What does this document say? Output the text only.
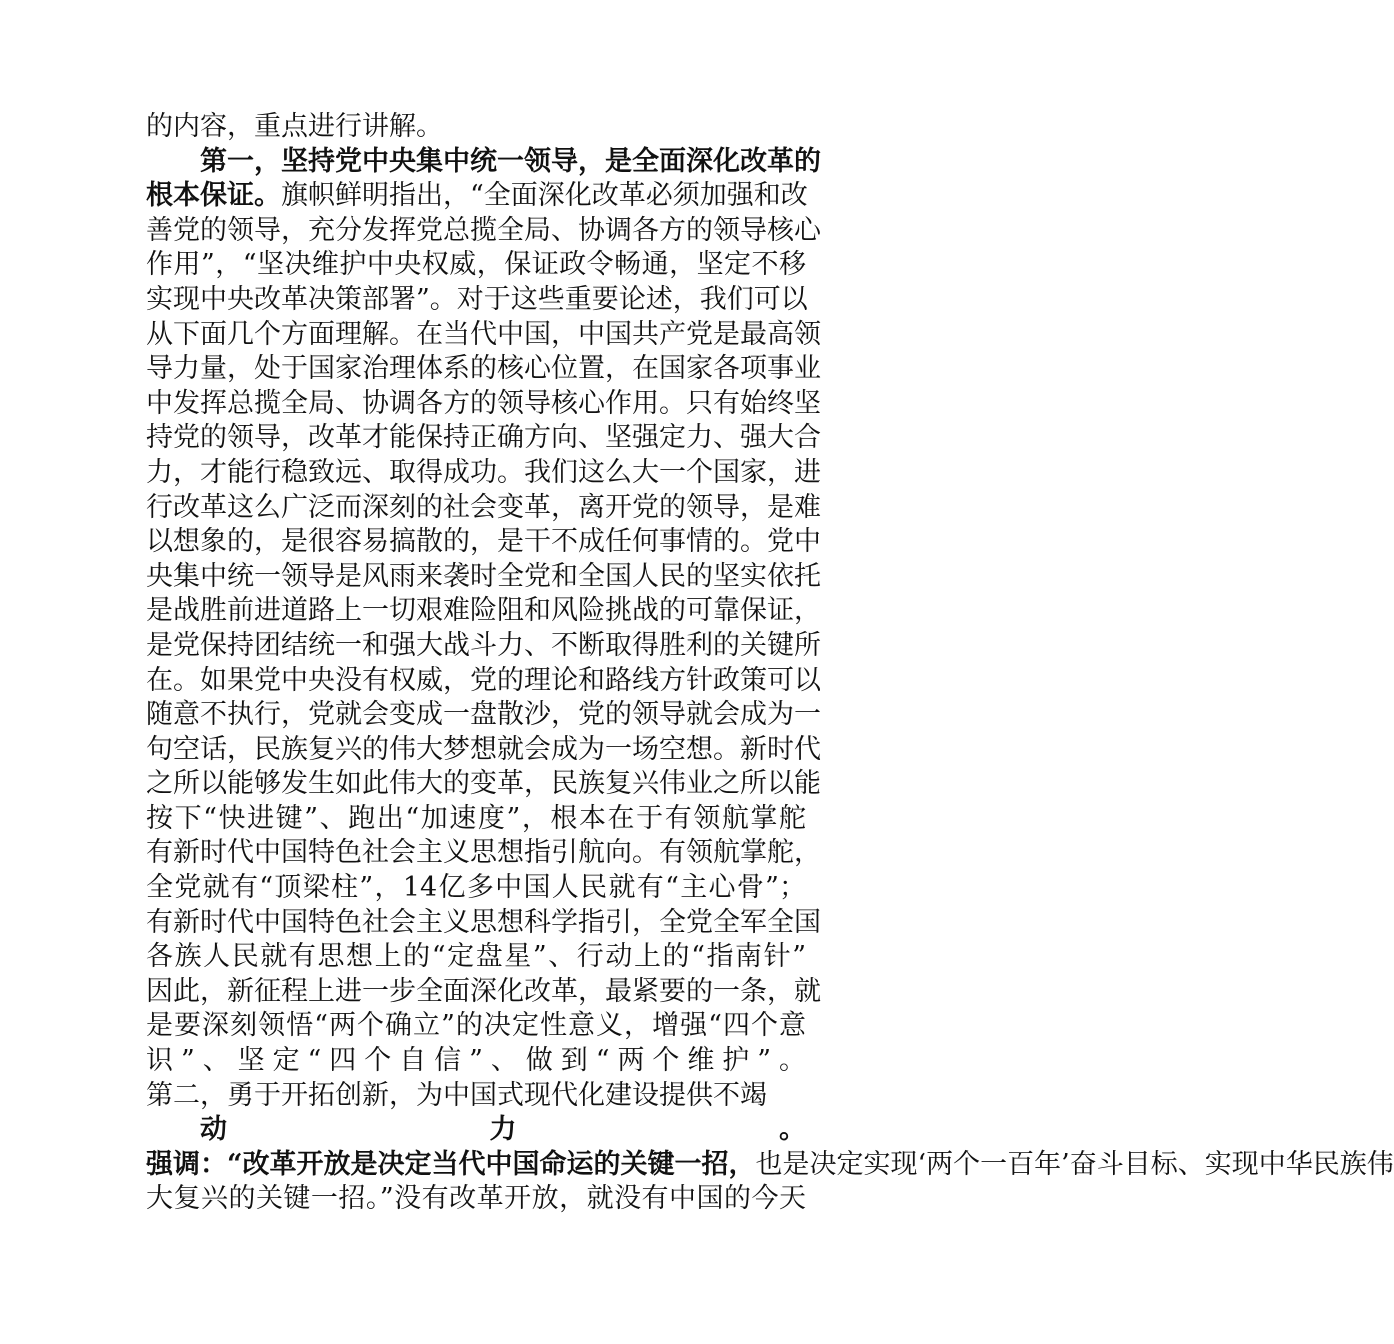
的内容，重点进行讲解。
第一，坚持党中央集中统一领导，是全面深化改革的
根本保证。旗帜鲜明指出，“全面深化改革必须加强和改
善党的领导，充分发挥党总揽全局、协调各方的领导核心
作用”，“坚决维护中央权威，保证政令畅通，坚定不移
实现中央改革决策部署”。对于这些重要论述，我们可以
从下面几个方面理解。在当代中国，中国共产党是最高领
导力量，处于国家治理体系的核心位置，在国家各项事业
中发挥总揽全局、协调各方的领导核心作用。只有始终坚
持党的领导，改革才能保持正确方向、坚强定力、强大合
力，才能行稳致远、取得成功。我们这么大一个国家，进
行改革这么广泛而深刻的社会变革，离开党的领导，是难
以想象的，是很容易搞散的，是干不成任何事情的。党中
央集中统一领导是风雨来袭时全党和全国人民的坚实依托
是战胜前进道路上一切艰难险阻和风险挑战的可靠保证，
是党保持团结统一和强大战斗力、不断取得胜利的关键所
在。如果党中央没有权威，党的理论和路线方针政策可以
随意不执行，党就会变成一盘散沙，党的领导就会成为一
句空话，民族复兴的伟大梦想就会成为一场空想。新时代
之所以能够发生如此伟大的变革，民族复兴伟业之所以能
按下“快进键”、跑出“加速度”，根本在于有领航掌舵
有新时代中国特色社会主义思想指引航向。有领航掌舵，
全党就有“顶梁柱”，14亿多中国人民就有“主心骨”；
有新时代中国特色社会主义思想科学指引，全党全军全国
各族人民就有思想上的“定盘星”、行动上的“指南针”
因此，新征程上进一步全面深化改革，最紧要的一条，就
是要深刻领悟“两个确立”的决定性意义，增强“四个意
识”、坚定“四个自信”、做到“两个维护”。
第二，勇于开拓创新，为中国式现代化建设提供不竭
动力。
强调：“改革开放是决定当代中国命运的关键一招，也是决定实现‘两个一百年’奋斗目标、实现中华民族伟
大复兴的关键一招。”没有改革开放，就没有中国的今天
